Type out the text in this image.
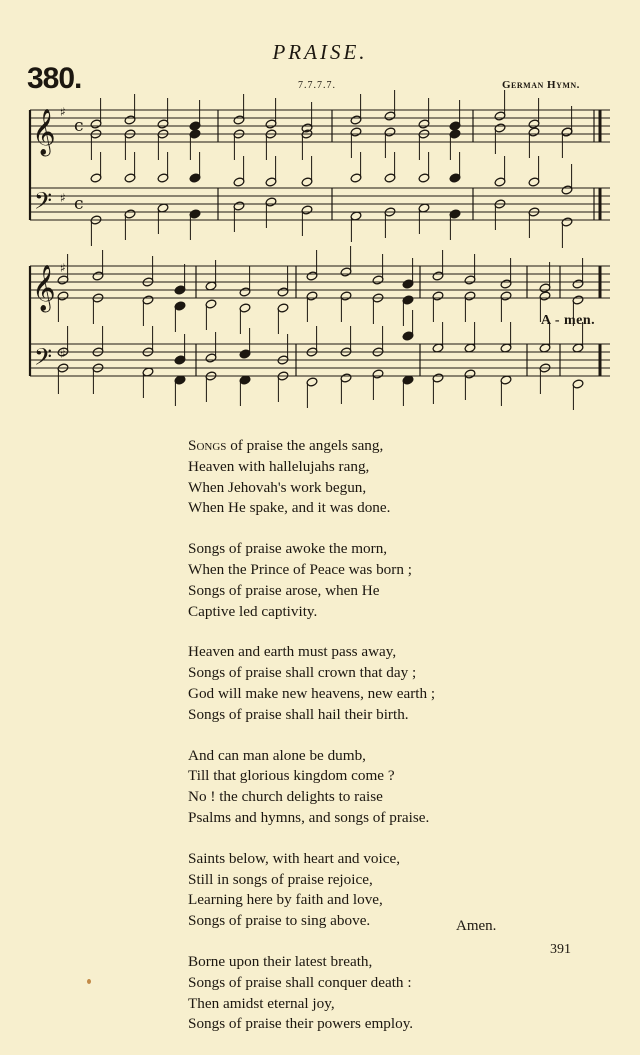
PRAISE.
380.	7.7.7.7.	German Hymn.
𝄞
𝄢
♯
♯
c
c
𝄞
𝄢
♯
♯
A - men.
Songs of praise the angels sang,
Heaven with hallelujahs rang,
When Jehovah's work begun,
When He spake, and it was done.
Songs of praise awoke the morn,
When the Prince of Peace was born ;
Songs of praise arose, when He
Captive led captivity.
Heaven and earth must pass away,
Songs of praise shall crown that day ;
God will make new heavens, new earth ;
Songs of praise shall hail their birth.
And can man alone be dumb,
Till that glorious kingdom come ?
No ! the church delights to raise
Psalms and hymns, and songs of praise.
Saints below, with heart and voice,
Still in songs of praise rejoice,
Learning here by faith and love,
Songs of praise to sing above.
Borne upon their latest breath,
Songs of praise shall conquer death :
Then amidst eternal joy,
Songs of praise their powers employ.
Amen.
391
